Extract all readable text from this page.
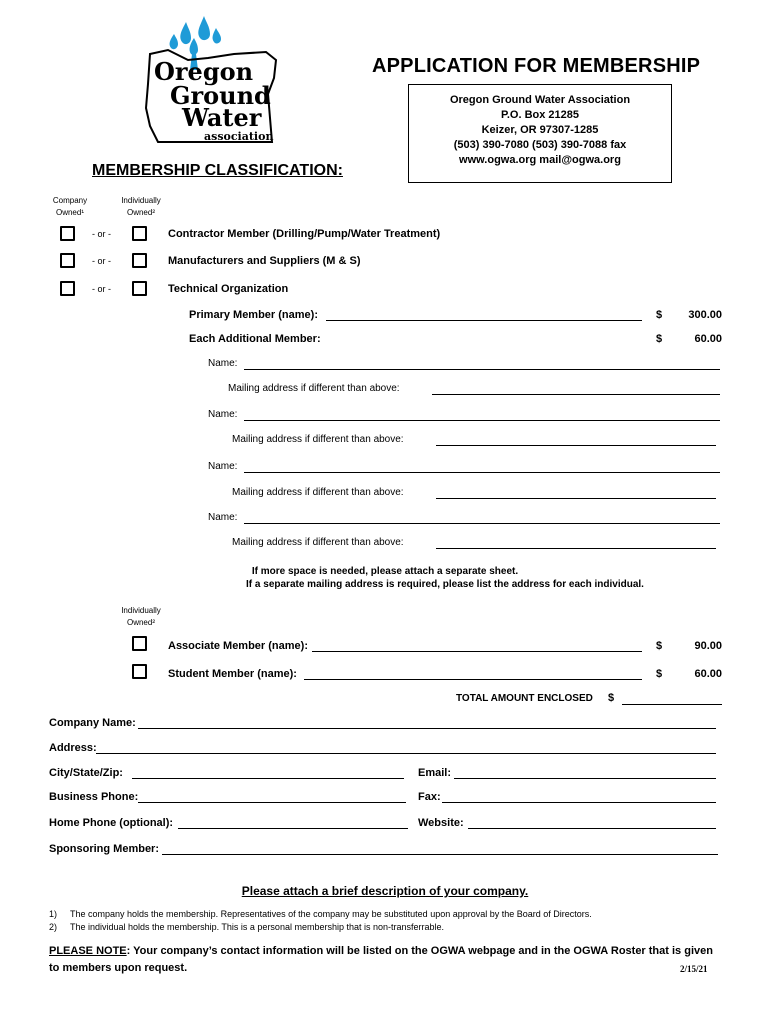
Oregon
Ground
Water
association
APPLICATION FOR MEMBERSHIP
Oregon Ground Water Association
P.O. Box 21285
Keizer, OR 97307-1285
(503) 390-7080 (503) 390-7088 fax
www.ogwa.org mail@ogwa.org
MEMBERSHIP CLASSIFICATION:
Company
Owned¹
Individually
Owned²
- or -	Contractor Member (Drilling/Pump/Water Treatment)
- or -	Manufacturers and Suppliers (M & S)
- or -	Technical Organization
Primary Member (name):	$	300.00
Each Additional Member:	$	60.00
Name:
Mailing address if different than above:
Name:
Mailing address if different than above:
Name:
Mailing address if different than above:
Name:
Mailing address if different than above:
If more space is needed, please attach a separate sheet.
If a separate mailing address is required, please list the address for each individual.
Individually
Owned²
Associate Member (name):	$	90.00
Student Member (name):	$	60.00
TOTAL AMOUNT ENCLOSED $
Company Name:
Address:
City/State/Zip:	Email:
Business Phone:	Fax:
Home Phone (optional):	Website:
Sponsoring Member:
Please attach a brief description of your company.
1) The company holds the membership. Representatives of the company may be substituted upon approval by the Board of Directors.
2) The individual holds the membership. This is a personal membership that is non-transferrable.
PLEASE NOTE: Your company’s contact information will be listed on the OGWA webpage and in the OGWA Roster that is given
to members upon request.	2/15/21
